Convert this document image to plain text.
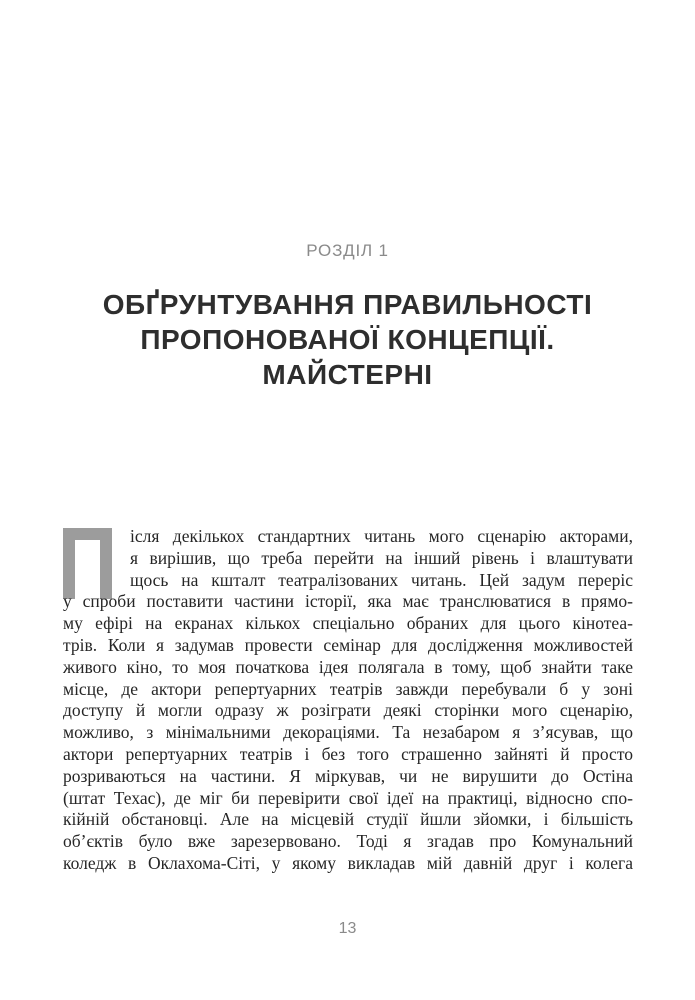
РОЗДІЛ 1
ОБҐРУНТУВАННЯ ПРАВИЛЬНОСТІ
ПРОПОНОВАНОЇ КОНЦЕПЦІЇ.
МАЙСТЕРНІ
ісля декількох стандартних читань мого сценарію акторами,
я вирішив, що треба перейти на інший рівень і влаштувати
щось на кшталт театралізованих читань. Цей задум переріс
у спроби поставити частини історії, яка має транслюватися в прямо-
му ефірі на екранах кількох спеціально обраних для цього кінотеа-
трів. Коли я задумав провести семінар для дослідження можливостей
живого кіно, то моя початкова ідея полягала в тому, щоб знайти таке
місце, де актори репертуарних театрів завжди перебували б у зоні
доступу й могли одразу ж розіграти деякі сторінки мого сценарію,
можливо, з мінімальними декораціями. Та незабаром я з’ясував, що
актори репертуарних театрів і без того страшенно зайняті й просто
розриваються на частини. Я міркував, чи не вирушити до Остіна
(штат Техас), де міг би перевірити свої ідеї на практиці, відносно спо-
кійній обстановці. Але на місцевій студії йшли зйомки, і більшість
об’єктів було вже зарезервовано. Тоді я згадав про Комунальний
коледж в Оклахома-Сіті, у якому викладав мій давній друг і колега
13
